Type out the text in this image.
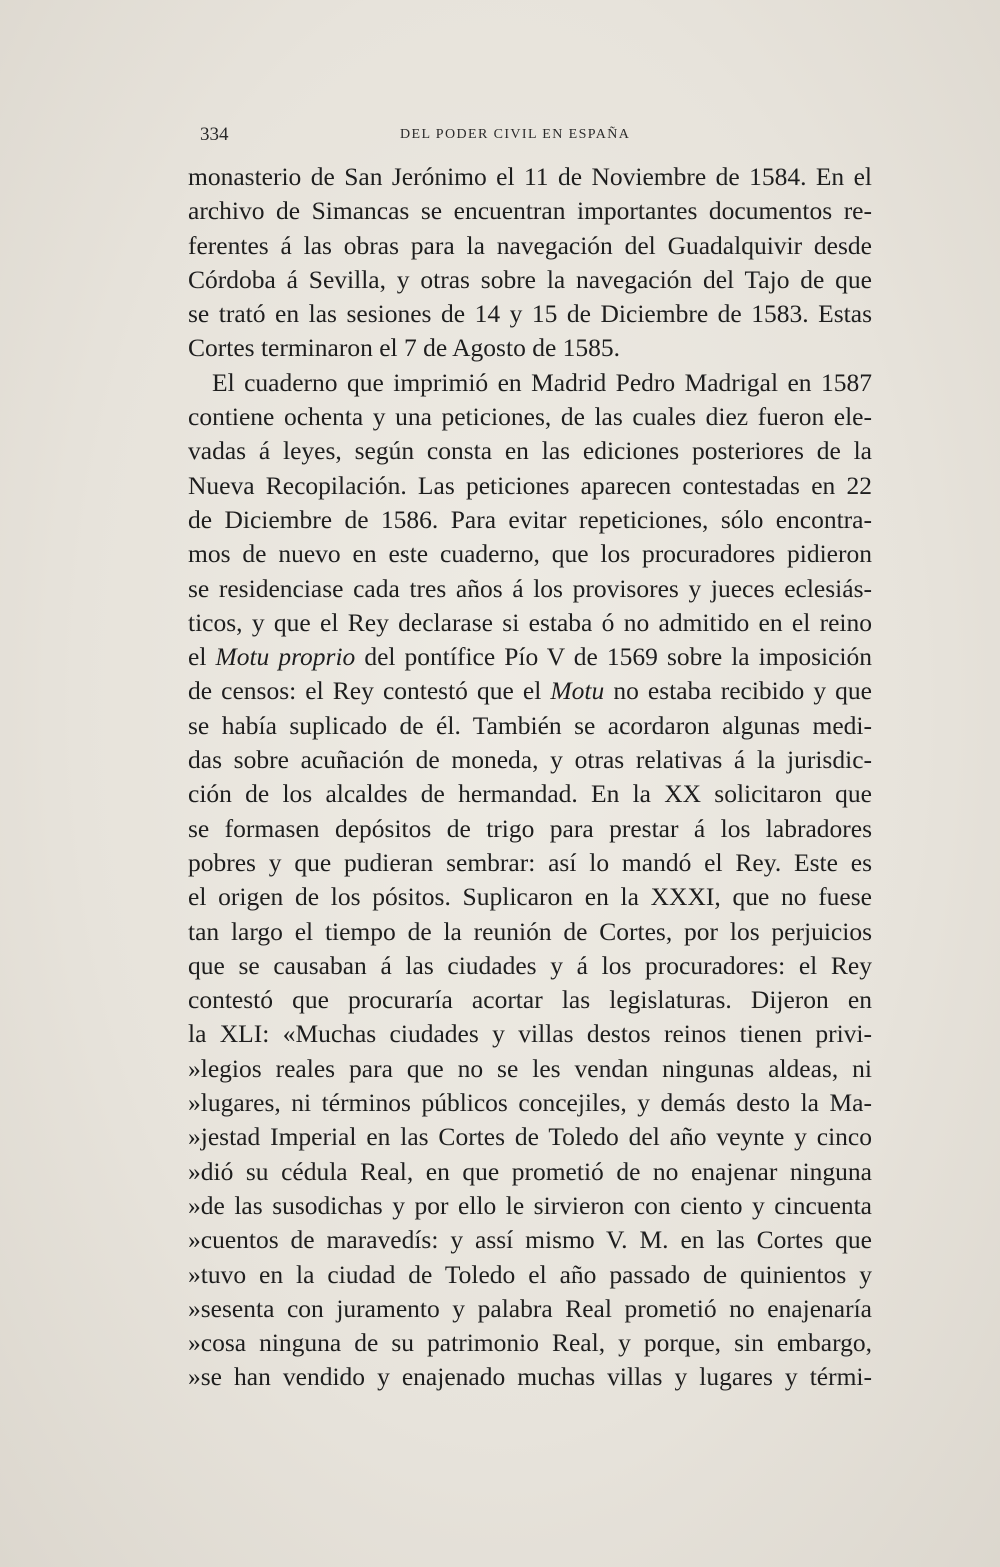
334	DEL PODER CIVIL EN ESPAÑA
monasterio de San Jerónimo el 11 de Noviembre de 1584. En el
archivo de Simancas se encuentran importantes documentos re-
ferentes á las obras para la navegación del Guadalquivir desde
Córdoba á Sevilla, y otras sobre la navegación del Tajo de que
se trató en las sesiones de 14 y 15 de Diciembre de 1583. Estas
Cortes terminaron el 7 de Agosto de 1585.
El cuaderno que imprimió en Madrid Pedro Madrigal en 1587
contiene ochenta y una peticiones, de las cuales diez fueron ele-
vadas á leyes, según consta en las ediciones posteriores de la
Nueva Recopilación. Las peticiones aparecen contestadas en 22
de Diciembre de 1586. Para evitar repeticiones, sólo encontra-
mos de nuevo en este cuaderno, que los procuradores pidieron
se residenciase cada tres años á los provisores y jueces eclesiás-
ticos, y que el Rey declarase si estaba ó no admitido en el reino
el Motu proprio del pontífice Pío V de 1569 sobre la imposición
de censos: el Rey contestó que el Motu no estaba recibido y que
se había suplicado de él. También se acordaron algunas medi-
das sobre acuñación de moneda, y otras relativas á la jurisdic-
ción de los alcaldes de hermandad. En la XX solicitaron que
se formasen depósitos de trigo para prestar á los labradores
pobres y que pudieran sembrar: así lo mandó el Rey. Este es
el origen de los pósitos. Suplicaron en la XXXI, que no fuese
tan largo el tiempo de la reunión de Cortes, por los perjuicios
que se causaban á las ciudades y á los procuradores: el Rey
contestó que procuraría acortar las legislaturas. Dijeron en
la XLI: «Muchas ciudades y villas destos reinos tienen privi-
»legios reales para que no se les vendan ningunas aldeas, ni
»lugares, ni términos públicos concejiles, y demás desto la Ma-
»jestad Imperial en las Cortes de Toledo del año veynte y cinco
»dió su cédula Real, en que prometió de no enajenar ninguna
»de las susodichas y por ello le sirvieron con ciento y cincuenta
»cuentos de maravedís: y assí mismo V. M. en las Cortes que
»tuvo en la ciudad de Toledo el año passado de quinientos y
»sesenta con juramento y palabra Real prometió no enajenaría
»cosa ninguna de su patrimonio Real, y porque, sin embargo,
»se han vendido y enajenado muchas villas y lugares y térmi-
